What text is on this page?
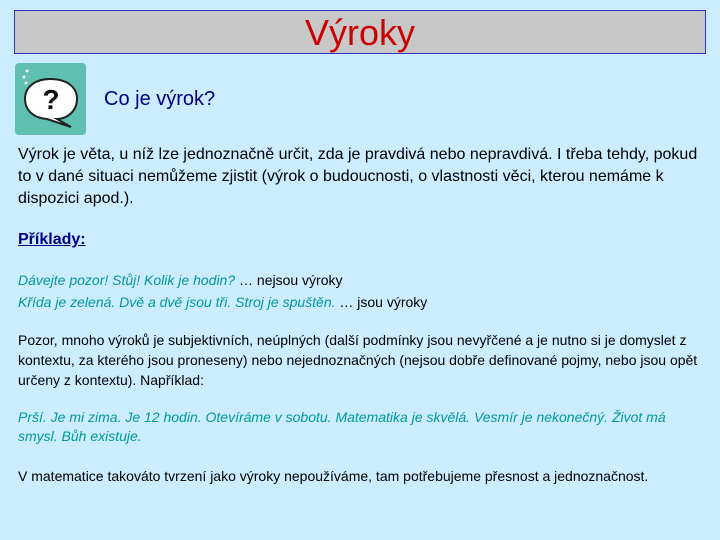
Výroky
? Co je výrok?
Výrok je věta, u níž lze jednoznačně určit, zda je pravdivá nebo nepravdivá. I třeba tehdy, pokud to v dané situaci nemůžeme zjistit (výrok o budoucnosti, o vlastnosti věci, kterou nemáme k dispozici apod.).
Příklady:
Dávejte pozor! Stůj! Kolik je hodin? … nejsou výroky
Křída je zelená. Dvě a dvě jsou tři. Stroj je spuštěn. … jsou výroky
Pozor, mnoho výroků je subjektivních, neúplných (další podmínky jsou nevyřčené a je nutno si je domyslet z kontextu, za kterého jsou proneseny) nebo nejednoznačných (nejsou dobře definované pojmy, nebo jsou opět určeny z kontextu). Například:
Prší. Je mi zima. Je 12 hodin. Otevíráme v sobotu. Matematika je skvělá. Vesmír je nekonečný. Život má smysl. Bůh existuje.
V matematice takováto tvrzení jako výroky nepoužíváme, tam potřebujeme přesnost a jednoznačnost.
